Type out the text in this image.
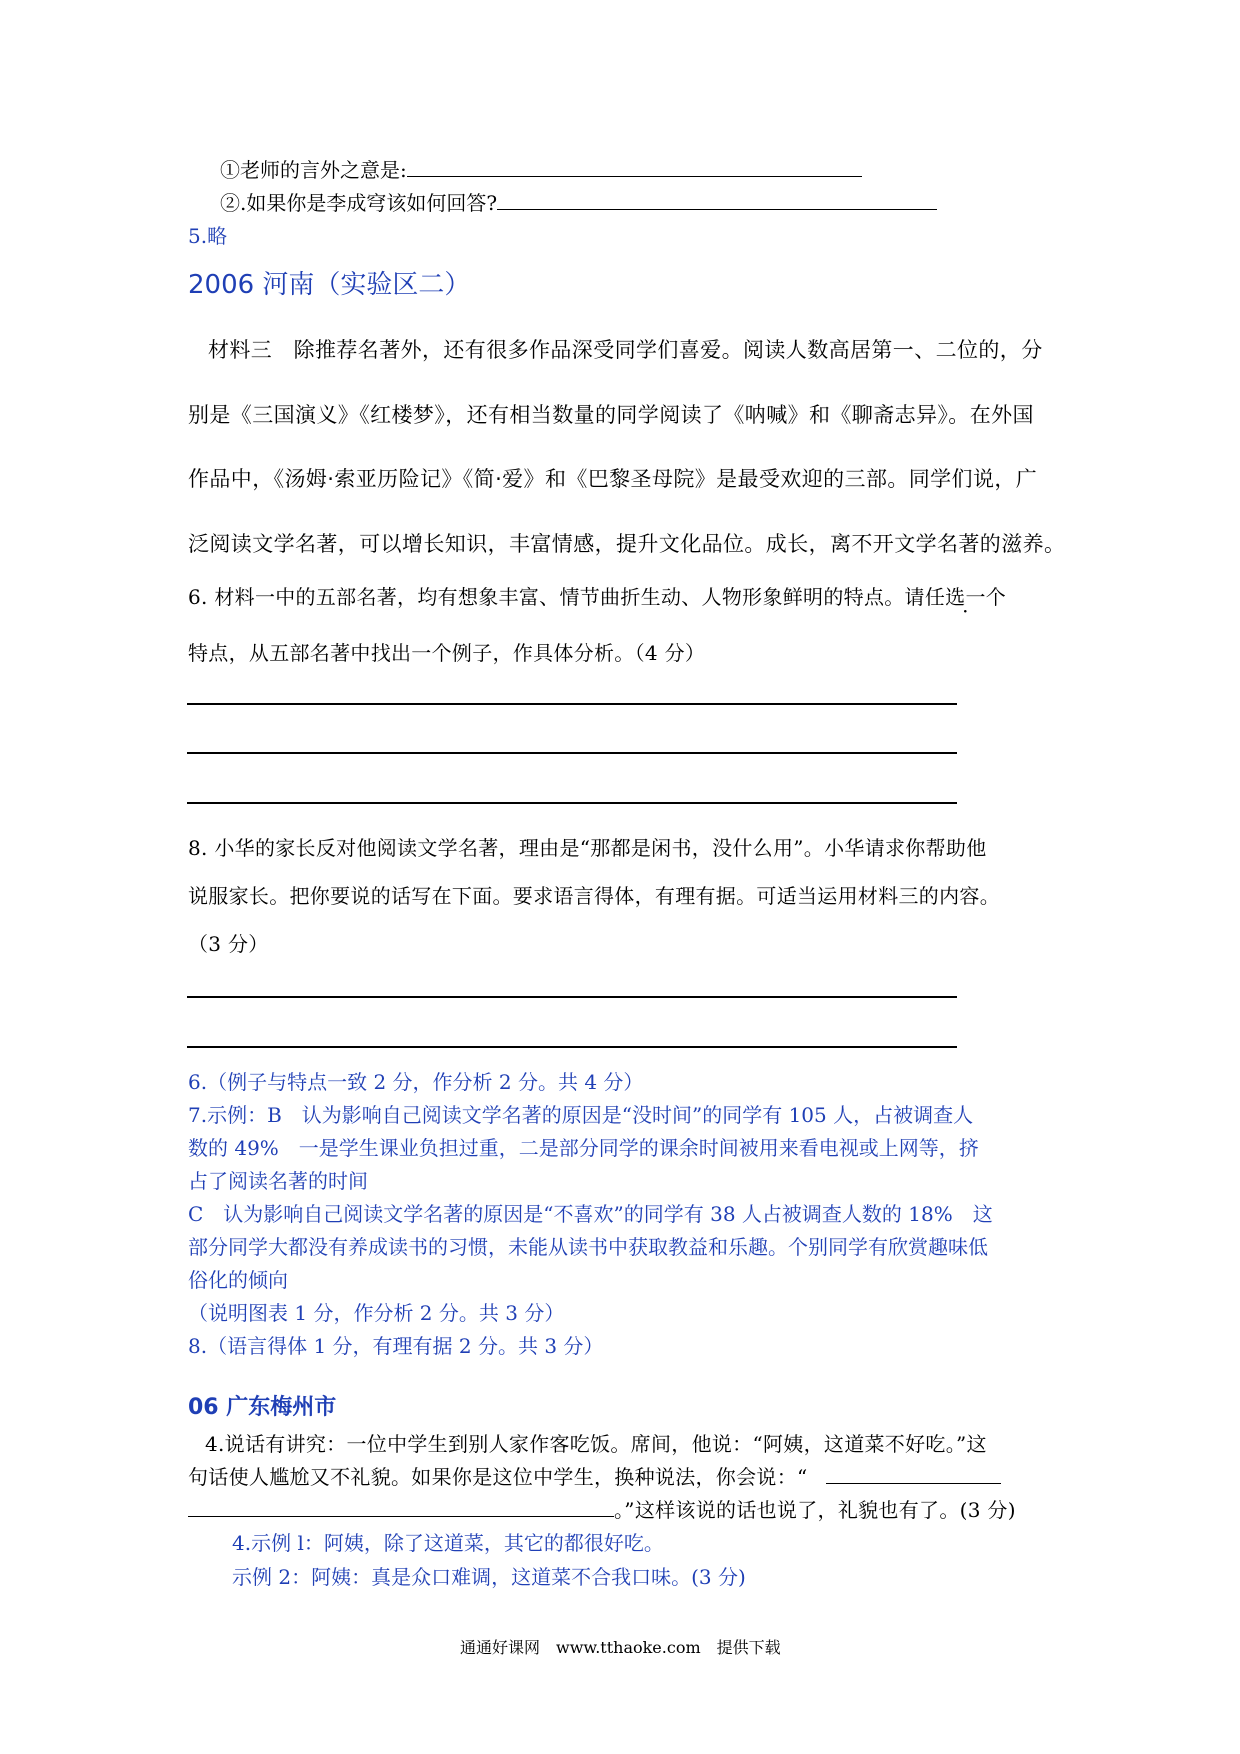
①老师的言外之意是:
②.如果你是李成穹该如何回答?
5.略
2006 河南（实验区二）
材料三　除推荐名著外，还有很多作品深受同学们喜爱。阅读人数高居第一、二位的，分
别是《三国演义》《红楼梦》，还有相当数量的同学阅读了《呐喊》和《聊斋志异》。在外国
作品中，《汤姆·索亚历险记》《简·爱》和《巴黎圣母院》是最受欢迎的三部。同学们说，广
泛阅读文学名著，可以增长知识，丰富情感，提升文化品位。成长，离不开文学名著的滋养。
6. 材料一中的五部名著，均有想象丰富、情节曲折生动、人物形象鲜明的特点。请任选一个
特点，从五部名著中找出一个例子，作具体分析。（4 分）
8. 小华的家长反对他阅读文学名著，理由是“那都是闲书，没什么用”。小华请求你帮助他
说服家长。把你要说的话写在下面。要求语言得体，有理有据。可适当运用材料三的内容。
（3 分）
6.（例子与特点一致 2 分，作分析 2 分。共 4 分）
7.示例：B　认为影响自己阅读文学名著的原因是“没时间”的同学有 105 人，占被调查人
数的 49%　一是学生课业负担过重，二是部分同学的课余时间被用来看电视或上网等，挤
占了阅读名著的时间
C　认为影响自己阅读文学名著的原因是“不喜欢”的同学有 38 人占被调查人数的 18%　这
部分同学大都没有养成读书的习惯，未能从读书中获取教益和乐趣。个别同学有欣赏趣味低
俗化的倾向
（说明图表 1 分，作分析 2 分。共 3 分）
8.（语言得体 1 分，有理有据 2 分。共 3 分）
06 广东梅州市
4.说话有讲究：一位中学生到别人家作客吃饭。席间，他说：“阿姨，这道菜不好吃。”这
句话使人尴尬又不礼貌。如果你是这位中学生，换种说法，你会说：“
。”这样该说的话也说了，礼貌也有了。(3 分)
4.示例 l：阿姨，除了这道菜，其它的都很好吃。
示例 2：阿姨：真是众口难调，这道菜不合我口味。(3 分)
通通好课网　www.tthaoke.com　提供下载
